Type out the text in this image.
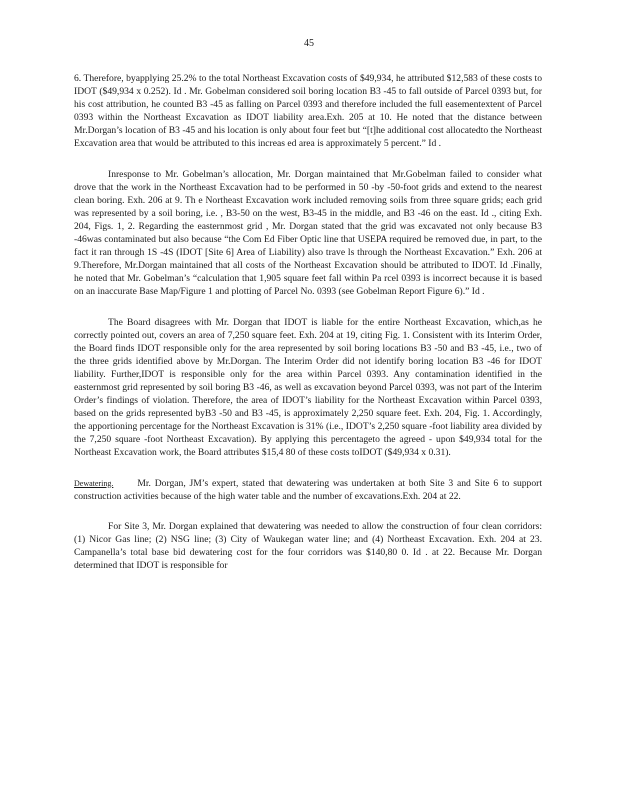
45

6. Therefore, byapplying 25.2% to the total Northeast Excavation costs of $49,934, he attributed $12,583 of these costs to IDOT ($49,934 x 0.252). Id . Mr. Gobelman considered soil boring location B3 -45 to fall outside of Parcel 0393 but, for his cost attribution, he counted B3 -45 as falling on Parcel 0393 and therefore included the full easementextent of Parcel 0393 within the Northeast Excavation as IDOT liability area.Exh. 205 at 10. He noted that the distance between Mr.Dorgan’s location of B3 -45 and his location is only about four feet but “[t]he additional cost allocatedto the Northeast Excavation area that would be attributed to this increas ed area is approximately 5 percent.” Id .

Inresponse to Mr. Gobelman’s allocation, Mr. Dorgan maintained that Mr.Gobelman failed to consider what drove that the work in the Northeast Excavation had to be performed in 50 -by -50-foot grids and extend to the nearest clean boring. Exh. 206 at 9. Th e Northeast Excavation work included removing soils from three square grids; each grid was represented by a soil boring, i.e. , B3-50 on the west, B3-45 in the middle, and B3 -46 on the east. Id ., citing Exh. 204, Figs. 1, 2. Regarding the easternmost grid , Mr. Dorgan stated that the grid was excavated not only because B3 -46was contaminated but also because “the Com Ed Fiber Optic line that USEPA required be removed due, in part, to the fact it ran through 1S -4S (IDOT [Site 6] Area of Liability) also trave ls through the Northeast Excavation.” Exh. 206 at 9.Therefore, Mr.Dorgan maintained that all costs of the Northeast Excavation should be attributed to IDOT. Id .Finally, he noted that Mr. Gobelman’s “calculation that 1,905 square feet fall within Pa rcel 0393 is incorrect because it is based on an inaccurate Base Map/Figure 1 and plotting of Parcel No. 0393 (see Gobelman Report Figure 6).” Id .

The Board disagrees with Mr. Dorgan that IDOT is liable for the entire Northeast Excavation, which,as he correctly pointed out, covers an area of 7,250 square feet. Exh. 204 at 19, citing Fig. 1. Consistent with its Interim Order, the Board finds IDOT responsible only for the area represented by soil boring locations B3 -50 and B3 -45, i.e., two of the three grids identified above by Mr.Dorgan. The Interim Order did not identify boring location B3 -46 for IDOT liability. Further,IDOT is responsible only for the area within Parcel 0393. Any contamination identified in the easternmost grid represented by soil boring B3 -46, as well as excavation beyond Parcel 0393, was not part of the Interim Order’s findings of violation. Therefore, the area of IDOT’s liability for the Northeast Excavation within Parcel 0393, based on the grids represented byB3 -50 and B3 -45, is approximately 2,250 square feet. Exh. 204, Fig. 1. Accordingly, the apportioning percentage for the Northeast Excavation is 31% (i.e., IDOT’s 2,250 square -foot liability area divided by the 7,250 square -foot Northeast Excavation). By applying this percentageto the agreed - upon $49,934 total for the Northeast Excavation work, the Board attributes $15,4 80 of these costs toIDOT ($49,934 x 0.31).

Dewatering.	Mr. Dorgan, JM’s expert, stated that dewatering was undertaken at both Site 3 and Site 6 to support construction activities because of the high water table and the number of excavations.Exh. 204 at 22.

For Site 3, Mr. Dorgan explained that dewatering was needed to allow the construction of four clean corridors: (1) Nicor Gas line; (2) NSG line; (3) City of Waukegan water line; and (4) Northeast Excavation. Exh. 204 at 23. Campanella’s total base bid dewatering cost for the four corridors was $140,80 0. Id . at 22. Because Mr. Dorgan determined that IDOT is responsible for
